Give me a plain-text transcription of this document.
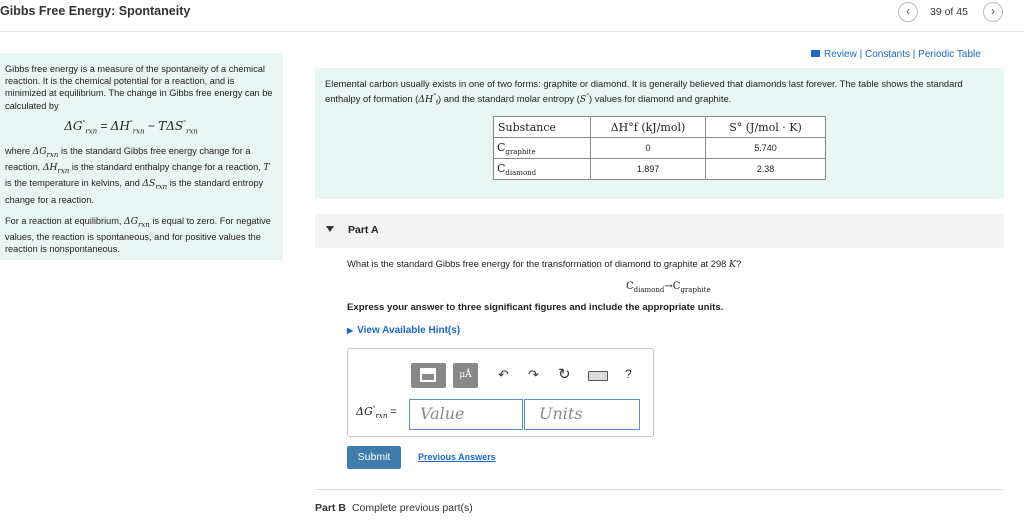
Gibbs Free Energy: Spontaneity	‹	39 of 45	›

Gibbs free energy is a measure of the spontaneity of a chemical reaction. It is the chemical potential for a reaction, and is minimized at equilibrium. The change in Gibbs free energy can be calculated by

$\Delta G^\circ_{rxn} = \Delta H^\circ_{rxn} - T\Delta S^\circ_{rxn}$

where $\Delta G_{rxn}$ is the standard Gibbs free energy change for a reaction, $\Delta H_{rxn}$ is the standard enthalpy change for a reaction, T is the temperature in kelvins, and $\Delta S_{rxn}$ is the standard entropy change for a reaction.

For a reaction at equilibrium, $\Delta G_{rxn}$ is equal to zero. For negative values, the reaction is spontaneous, and for positive values the reaction is nonspontaneous.

Review | Constants | Periodic Table
Elemental carbon usually exists in one of two forms: graphite or diamond. It is generally believed that diamonds last forever. The table shows the standard enthalpy of formation $(\Delta H^\circ_f)$ and the standard molar entropy (S°) values for diamond and graphite.
Substance	ΔH°f (kJ/mol)	S° (J/mol · K)
$C_{graphite}$	0	5.740
$C_{diamond}$	1.897	2.38
Part A
What is the standard Gibbs free energy for the transformation of diamond to graphite at 298 K?
$C_{diamond}\to C_{graphite}$
Express your answer to three significant figures and include the appropriate units.
▶ View Available Hint(s)
μÅ	↶ ↷ ↻	?
$\Delta G^\circ_{rxn}$ =	Value	Units
Submit	Previous Answers
Part B Complete previous part(s)
